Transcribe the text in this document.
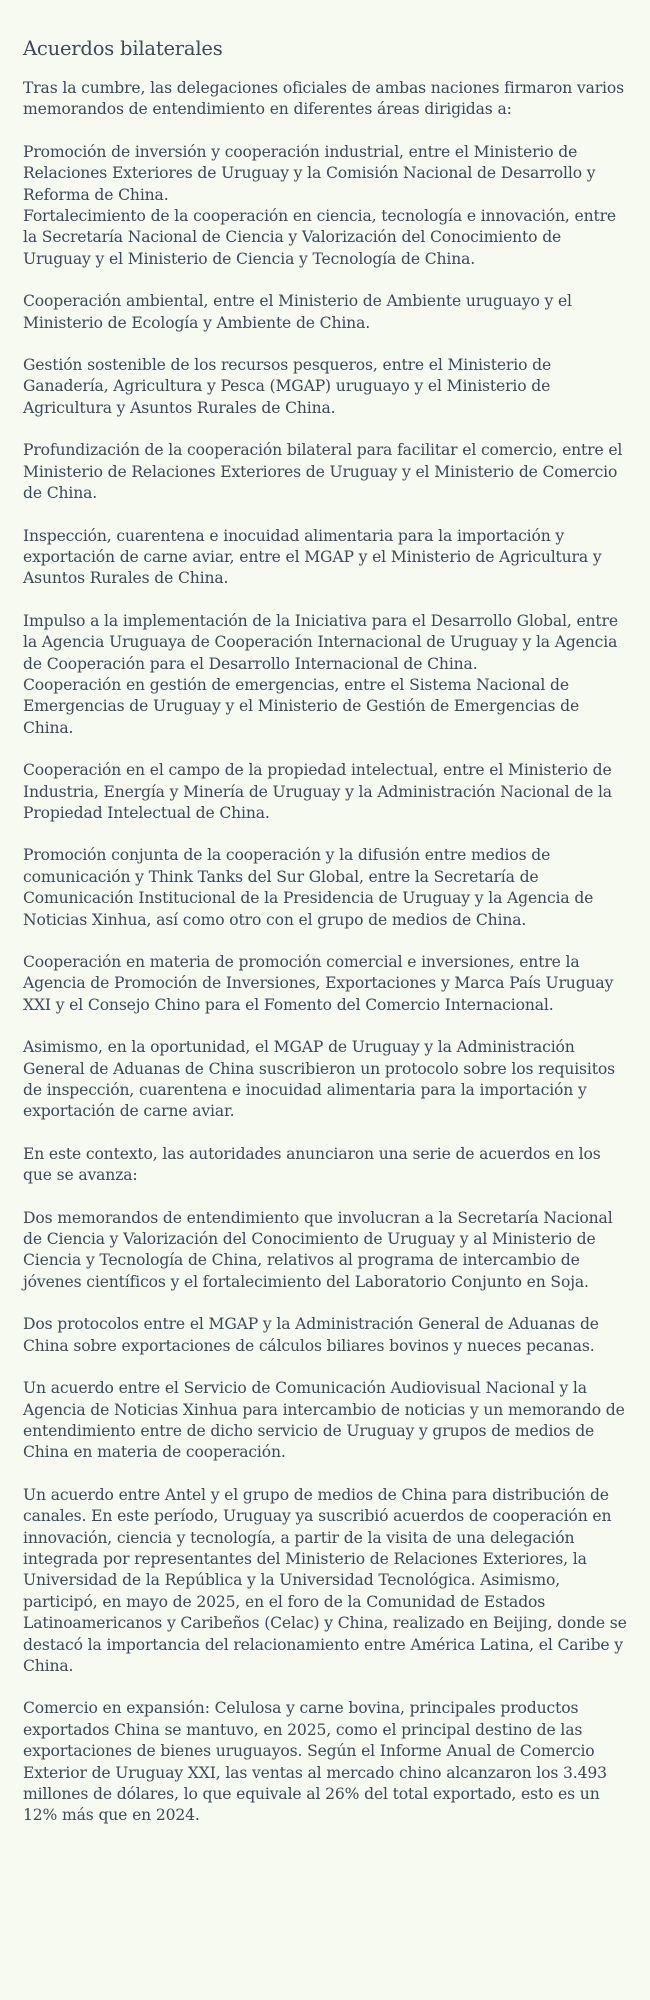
Acuerdos bilaterales

Tras la cumbre, las delegaciones oficiales de ambas naciones firmaron varios memorandos de entendimiento en diferentes áreas dirigidas a:

Promoción de inversión y cooperación industrial, entre el Ministerio de Relaciones Exteriores de Uruguay y la Comisión Nacional de Desarrollo y Reforma de China.
Fortalecimiento de la cooperación en ciencia, tecnología e innovación, entre la Secretaría Nacional de Ciencia y Valorización del Conocimiento de Uruguay y el Ministerio de Ciencia y Tecnología de China.

Cooperación ambiental, entre el Ministerio de Ambiente uruguayo y el Ministerio de Ecología y Ambiente de China.

Gestión sostenible de los recursos pesqueros, entre el Ministerio de Ganadería, Agricultura y Pesca (MGAP) uruguayo y el Ministerio de Agricultura y Asuntos Rurales de China.

Profundización de la cooperación bilateral para facilitar el comercio, entre el Ministerio de Relaciones Exteriores de Uruguay y el Ministerio de Comercio de China.

Inspección, cuarentena e inocuidad alimentaria para la importación y exportación de carne aviar, entre el MGAP y el Ministerio de Agricultura y Asuntos Rurales de China.

Impulso a la implementación de la Iniciativa para el Desarrollo Global, entre la Agencia Uruguaya de Cooperación Internacional de Uruguay y la Agencia de Cooperación para el Desarrollo Internacional de China.
Cooperación en gestión de emergencias, entre el Sistema Nacional de Emergencias de Uruguay y el Ministerio de Gestión de Emergencias de China.

Cooperación en el campo de la propiedad intelectual, entre el Ministerio de Industria, Energía y Minería de Uruguay y la Administración Nacional de la Propiedad Intelectual de China.

Promoción conjunta de la cooperación y la difusión entre medios de comunicación y Think Tanks del Sur Global, entre la Secretaría de Comunicación Institucional de la Presidencia de Uruguay y la Agencia de Noticias Xinhua, así como otro con el grupo de medios de China.

Cooperación en materia de promoción comercial e inversiones, entre la Agencia de Promoción de Inversiones, Exportaciones y Marca País Uruguay XXI y el Consejo Chino para el Fomento del Comercio Internacional.

Asimismo, en la oportunidad, el MGAP de Uruguay y la Administración General de Aduanas de China suscribieron un protocolo sobre los requisitos de inspección, cuarentena e inocuidad alimentaria para la importación y exportación de carne aviar.

En este contexto, las autoridades anunciaron una serie de acuerdos en los que se avanza:

Dos memorandos de entendimiento que involucran a la Secretaría Nacional de Ciencia y Valorización del Conocimiento de Uruguay y al Ministerio de Ciencia y Tecnología de China, relativos al programa de intercambio de jóvenes científicos y el fortalecimiento del Laboratorio Conjunto en Soja.

Dos protocolos entre el MGAP y la Administración General de Aduanas de China sobre exportaciones de cálculos biliares bovinos y nueces pecanas.

Un acuerdo entre el Servicio de Comunicación Audiovisual Nacional y la Agencia de Noticias Xinhua para intercambio de noticias y un memorando de entendimiento entre de dicho servicio de Uruguay y grupos de medios de China en materia de cooperación.

Un acuerdo entre Antel y el grupo de medios de China para distribución de canales. En este período, Uruguay ya suscribió acuerdos de cooperación en innovación, ciencia y tecnología, a partir de la visita de una delegación integrada por representantes del Ministerio de Relaciones Exteriores, la Universidad de la República y la Universidad Tecnológica. Asimismo, participó, en mayo de 2025, en el foro de la Comunidad de Estados Latinoamericanos y Caribeños (Celac) y China, realizado en Beijing, donde se destacó la importancia del relacionamiento entre América Latina, el Caribe y China.

Comercio en expansión: Celulosa y carne bovina, principales productos exportados China se mantuvo, en 2025, como el principal destino de las exportaciones de bienes uruguayos. Según el Informe Anual de Comercio Exterior de Uruguay XXI, las ventas al mercado chino alcanzaron los 3.493 millones de dólares, lo que equivale al 26% del total exportado, esto es un 12% más que en 2024.
